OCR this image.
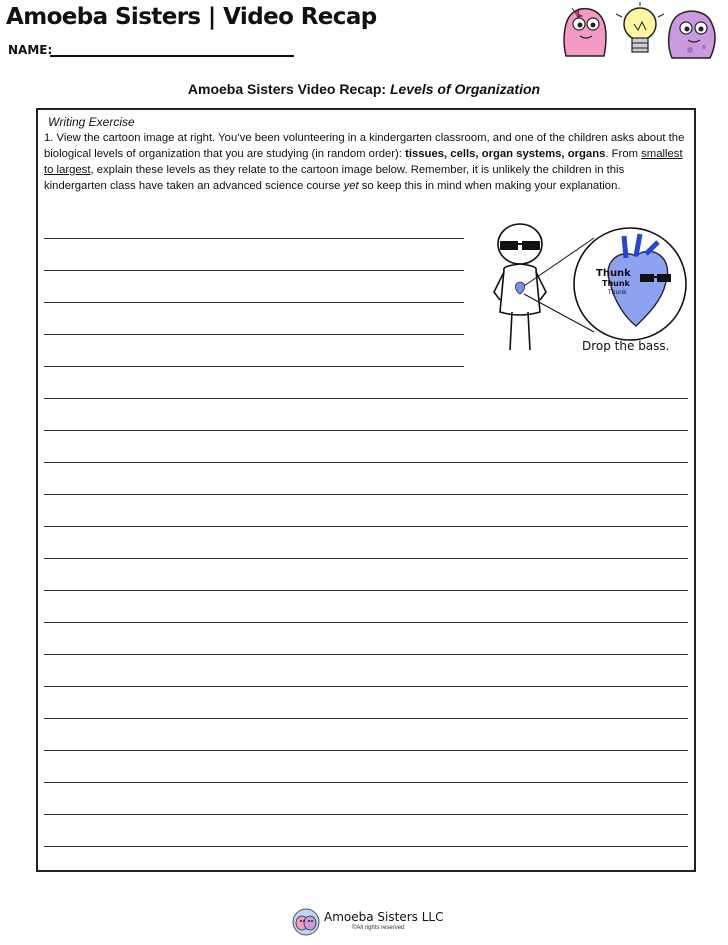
Amoeba Sisters | Video Recap
NAME:
Amoeba Sisters Video Recap: Levels of Organization
Writing Exercise
1. View the cartoon image at right. You’ve been volunteering in a kindergarten classroom, and one of the children asks about the biological levels of organization that you are studying (in random order): tissues, cells, organ systems, organs. From smallest to largest, explain these levels as they relate to the cartoon image below. Remember, it is unlikely the children in this kindergarten class have taken an advanced science course yet so keep this in mind when making your explanation.
Thunk
Thunk
Thunk
Drop the bass.
Amoeba Sisters LLC
©All rights reserved
